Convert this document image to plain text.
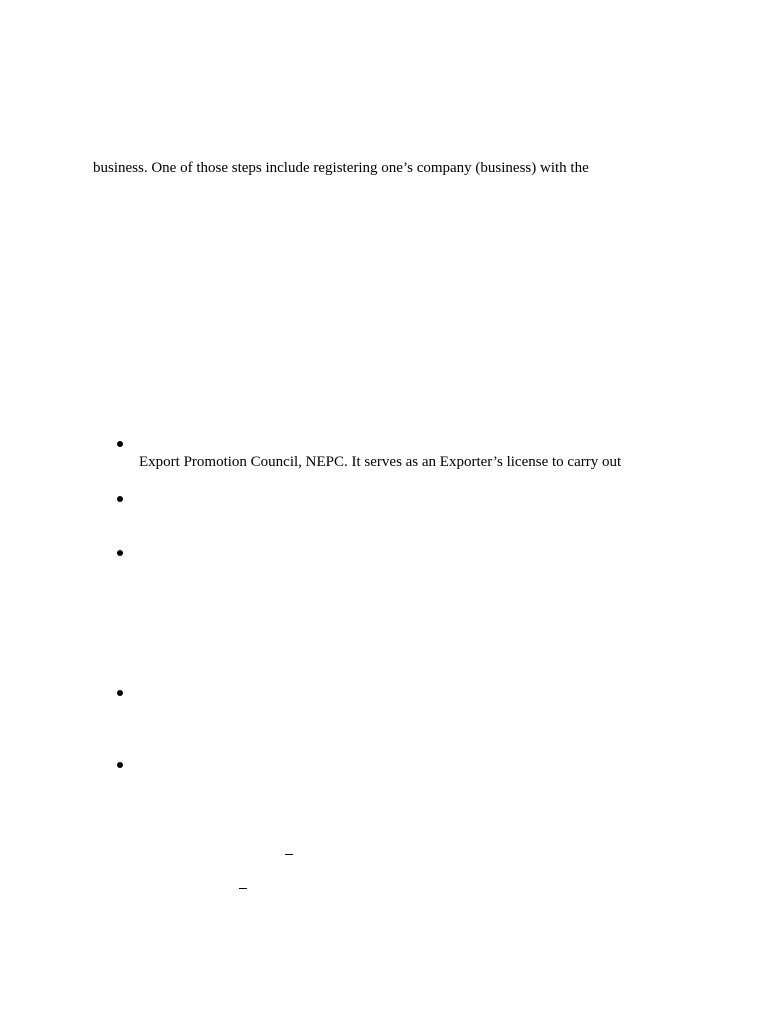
business. One of those steps include registering one’s company (business) with the
Export Promotion Council, NEPC. It serves as an Exporter’s license to carry out
